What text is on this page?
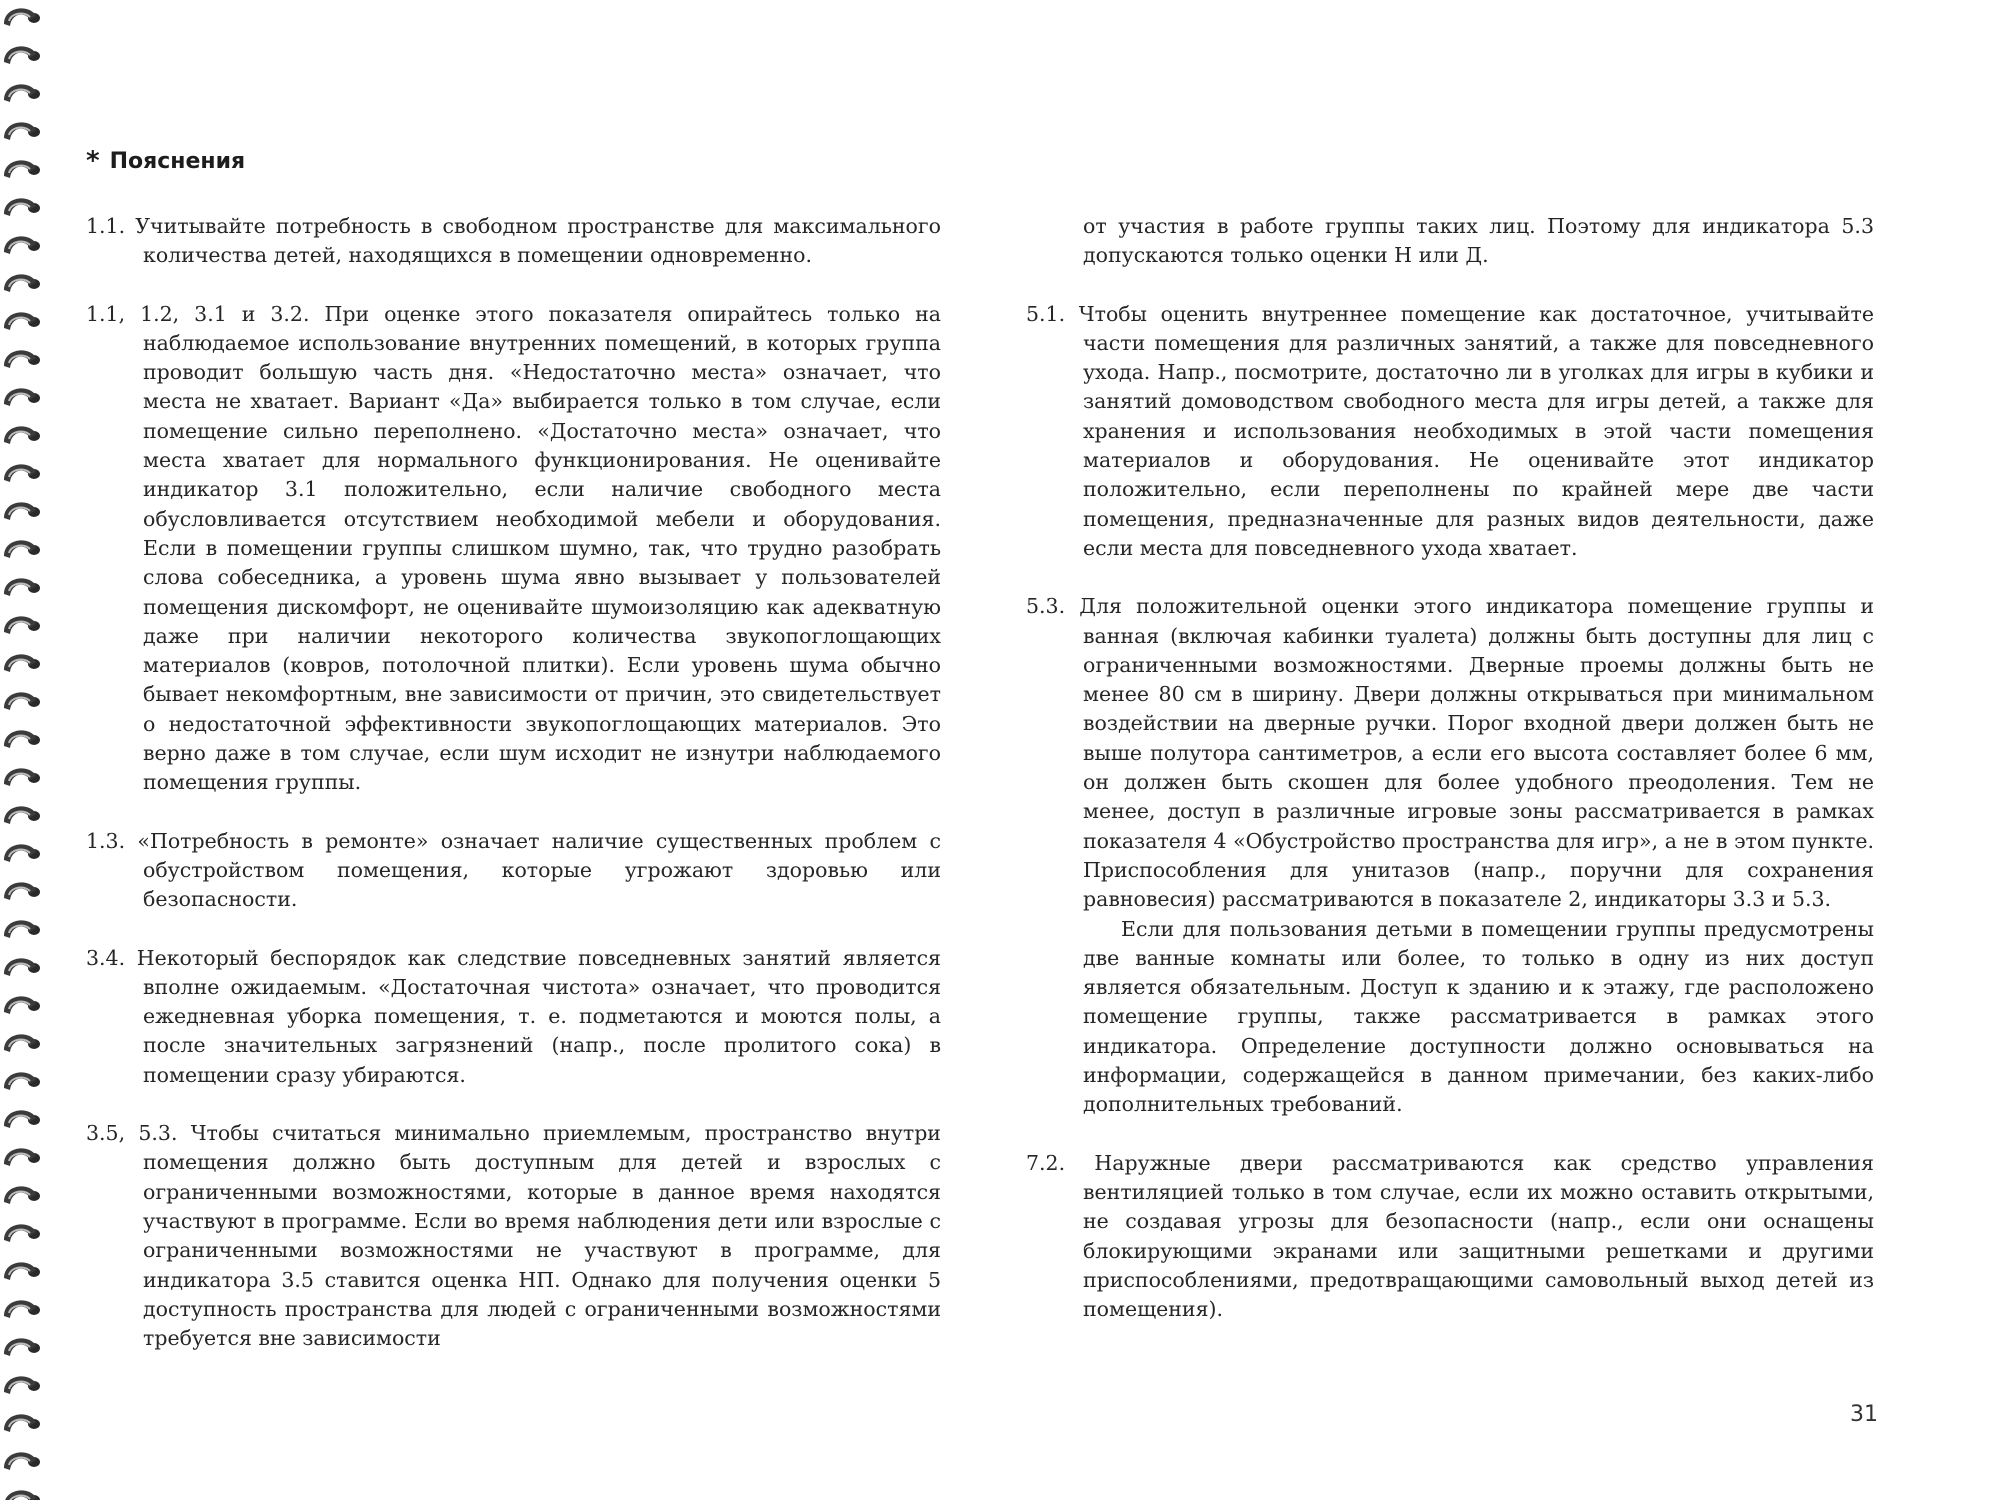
* Пояснения

1.1. Учитывайте потребность в свободном пространстве для максимального количества детей, находящихся в помещении одновременно.

1.1, 1.2, 3.1 и 3.2. При оценке этого показателя опирайтесь только на наблюдаемое использование внутренних помещений, в которых группа проводит большую часть дня. «Недостаточно места» означает, что места не хватает. Вариант «Да» выбирается только в том случае, если помещение сильно переполнено. «Достаточно места» означает, что места хватает для нормального функционирования. Не оценивайте индикатор 3.1 положительно, если наличие свободного места обусловливается отсутствием необходимой мебели и оборудования. Если в помещении группы слишком шумно, так, что трудно разобрать слова собеседника, а уровень шума явно вызывает у пользователей помещения дискомфорт, не оценивайте шумоизоляцию как адекватную даже при наличии некоторого количества звукопоглощающих материалов (ковров, потолочной плитки). Если уровень шума обычно бывает некомфортным, вне зависимости от причин, это свидетельствует о недостаточной эффективности звукопоглощающих материалов. Это верно даже в том случае, если шум исходит не изнутри наблюдаемого помещения группы.

1.3. «Потребность в ремонте» означает наличие существенных проблем с обустройством помещения, которые угрожают здоровью или безопасности.

3.4. Некоторый беспорядок как следствие повседневных занятий является вполне ожидаемым. «Достаточная чистота» означает, что проводится ежедневная уборка помещения, т. е. подметаются и моются полы, а после значительных загрязнений (напр., после пролитого сока) в помещении сразу убираются.

3.5, 5.3. Чтобы считаться минимально приемлемым, пространство внутри помещения должно быть доступным для детей и взрослых с ограниченными возможностями, которые в данное время находятся участвуют в программе. Если во время наблюдения дети или взрослые с ограниченными возможностями не участвуют в программе, для индикатора 3.5 ставится оценка НП. Однако для получения оценки 5 доступность пространства для людей с ограниченными возможностями требуется вне зависимости

от участия в работе группы таких лиц. Поэтому для индикатора 5.3 допускаются только оценки Н или Д.

5.1. Чтобы оценить внутреннее помещение как достаточное, учитывайте части помещения для различных занятий, а также для повседневного ухода. Напр., посмотрите, достаточно ли в уголках для игры в кубики и занятий домоводством свободного места для игры детей, а также для хранения и использования необходимых в этой части помещения материалов и оборудования. Не оценивайте этот индикатор положительно, если переполнены по крайней мере две части помещения, предназначенные для разных видов деятельности, даже если места для повседневного ухода хватает.

5.3. Для положительной оценки этого индикатора помещение группы и ванная (включая кабинки туалета) должны быть доступны для лиц с ограниченными возможностями. Дверные проемы должны быть не менее 80 см в ширину. Двери должны открываться при минимальном воздействии на дверные ручки. Порог входной двери должен быть не выше полутора сантиметров, а если его высота составляет более 6 мм, он должен быть скошен для более удобного преодоления. Тем не менее, доступ в различные игровые зоны рассматривается в рамках показателя 4 «Обустройство пространства для игр», а не в этом пункте. Приспособления для унитазов (напр., поручни для сохранения равновесия) рассматриваются в показателе 2, индикаторы 3.3 и 5.3.

Если для пользования детьми в помещении группы предусмотрены две ванные комнаты или более, то только в одну из них доступ является обязательным. Доступ к зданию и к этажу, где расположено помещение группы, также рассматривается в рамках этого индикатора. Определение доступности должно основываться на информации, содержащейся в данном примечании, без каких-либо дополнительных требований.

7.2. Наружные двери рассматриваются как средство управления вентиляцией только в том случае, если их можно оставить открытыми, не создавая угрозы для безопасности (напр., если они оснащены блокирующими экранами или защитными решетками и другими приспособлениями, предотвращающими самовольный выход детей из помещения).

31
